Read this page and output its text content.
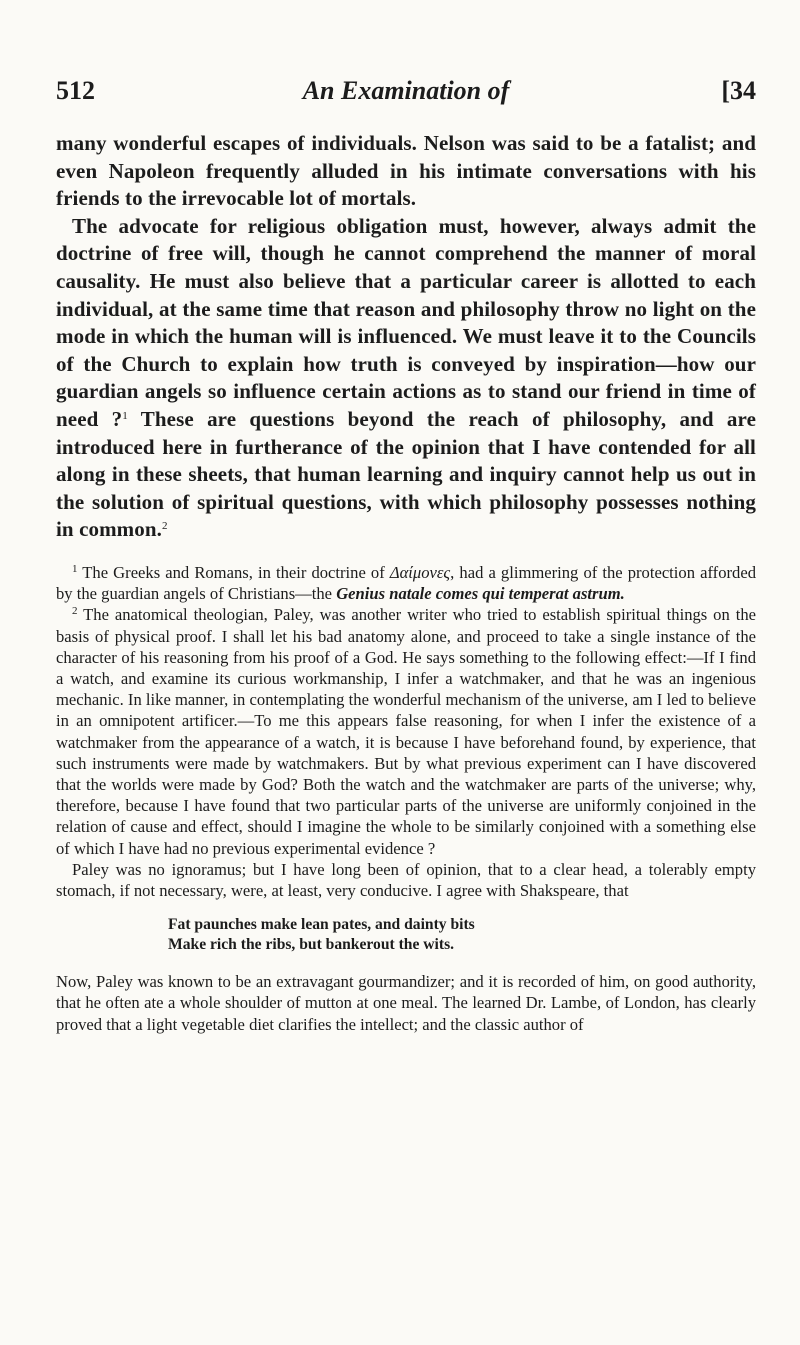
512	An Examination of	[34

many wonderful escapes of individuals. Nelson was said to be a fatalist; and even Napoleon frequently alluded in his intimate conversations with his friends to the irrevocable lot of mortals.

The advocate for religious obligation must, however, always admit the doctrine of free will, though he cannot comprehend the manner of moral causality. He must also believe that a particular career is allotted to each individual, at the same time that reason and philosophy throw no light on the mode in which the human will is influenced. We must leave it to the Councils of the Church to explain how truth is conveyed by inspiration—how our guardian angels so influence certain actions as to stand our friend in time of need ?$^1$ These are questions beyond the reach of philosophy, and are introduced here in furtherance of the opinion that I have contended for all along in these sheets, that human learning and inquiry cannot help us out in the solution of spiritual questions, with which philosophy possesses nothing in common.$^2$

$^1$ The Greeks and Romans, in their doctrine of Δαίμονες, had a glimmering of the protection afforded by the guardian angels of Christians—the Genius natale comes qui temperat astrum.

$^2$ The anatomical theologian, Paley, was another writer who tried to establish spiritual things on the basis of physical proof. I shall let his bad anatomy alone, and proceed to take a single instance of the character of his reasoning from his proof of a God. He says something to the following effect:—If I find a watch, and examine its curious workmanship, I infer a watchmaker, and that he was an ingenious mechanic. In like manner, in contemplating the wonderful mechanism of the universe, am I led to believe in an omnipotent artificer.—To me this appears false reasoning, for when I infer the existence of a watchmaker from the appearance of a watch, it is because I have beforehand found, by experience, that such instruments were made by watchmakers. But by what previous experiment can I have discovered that the worlds were made by God? Both the watch and the watchmaker are parts of the universe; why, therefore, because I have found that two particular parts of the universe are uniformly conjoined in the relation of cause and effect, should I imagine the whole to be similarly conjoined with a something else of which I have had no previous experimental evidence ?

Paley was no ignoramus; but I have long been of opinion, that to a clear head, a tolerably empty stomach, if not necessary, were, at least, very conducive. I agree with Shakspeare, that

Fat paunches make lean pates, and dainty bits
Make rich the ribs, but bankerout the wits.

Now, Paley was known to be an extravagant gourmandizer; and it is recorded of him, on good authority, that he often ate a whole shoulder of mutton at one meal. The learned Dr. Lambe, of London, has clearly proved that a light vegetable diet clarifies the intellect; and the classic author of
